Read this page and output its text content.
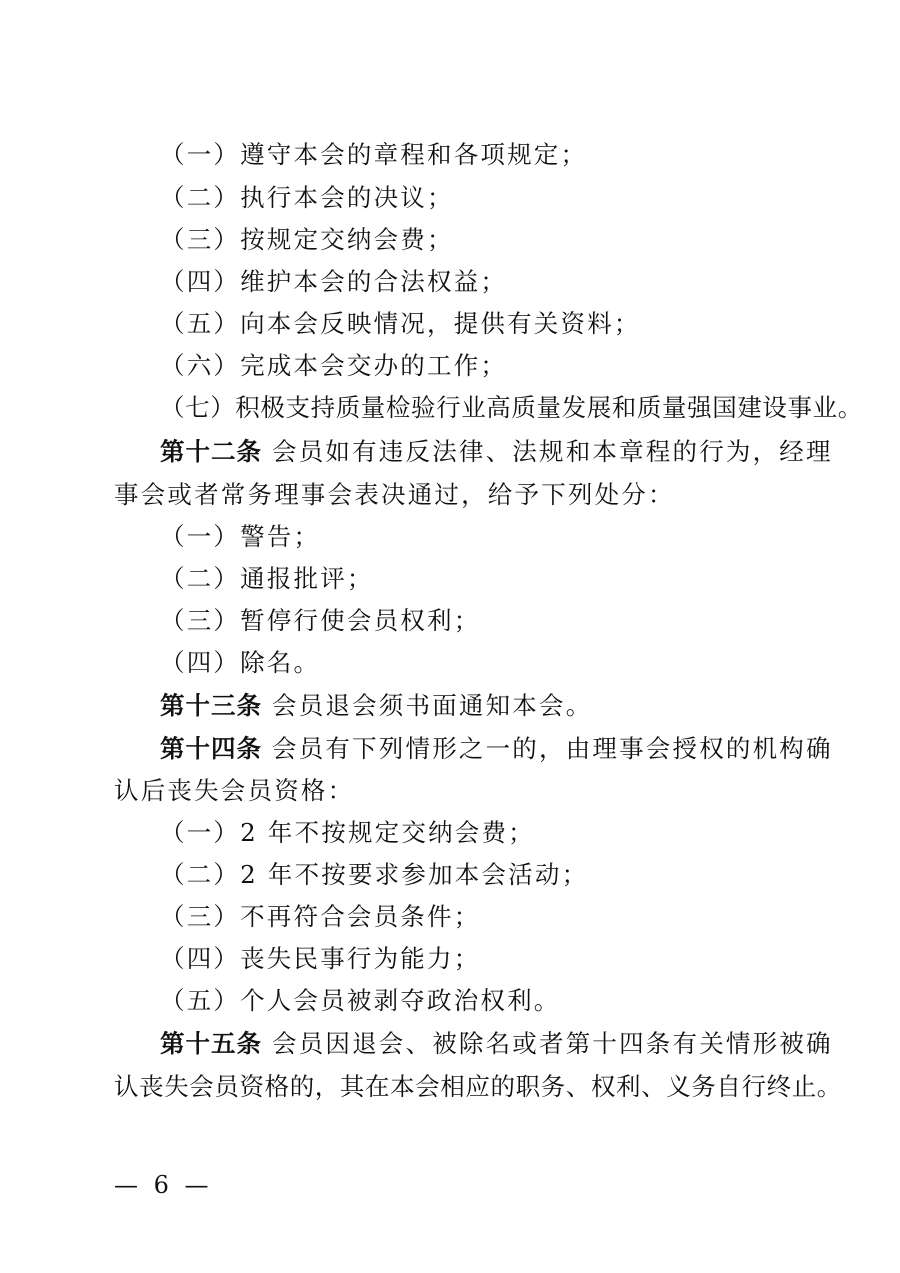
（一）遵守本会的章程和各项规定；
（二）执行本会的决议；
（三）按规定交纳会费；
（四）维护本会的合法权益；
（五）向本会反映情况，提供有关资料；
（六）完成本会交办的工作；
（七）积极支持质量检验行业高质量发展和质量强国建设事业。
第十二条 会员如有违反法律、法规和本章程的行为，经理
事会或者常务理事会表决通过，给予下列处分：
（一）警告；
（二）通报批评；
（三）暂停行使会员权利；
（四）除名。
第十三条 会员退会须书面通知本会。
第十四条 会员有下列情形之一的，由理事会授权的机构确
认后丧失会员资格：
（一）2 年不按规定交纳会费；
（二）2 年不按要求参加本会活动；
（三）不再符合会员条件；
（四）丧失民事行为能力；
（五）个人会员被剥夺政治权利。
第十五条 会员因退会、被除名或者第十四条有关情形被确
认丧失会员资格的，其在本会相应的职务、权利、义务自行终止。
— 6 —
